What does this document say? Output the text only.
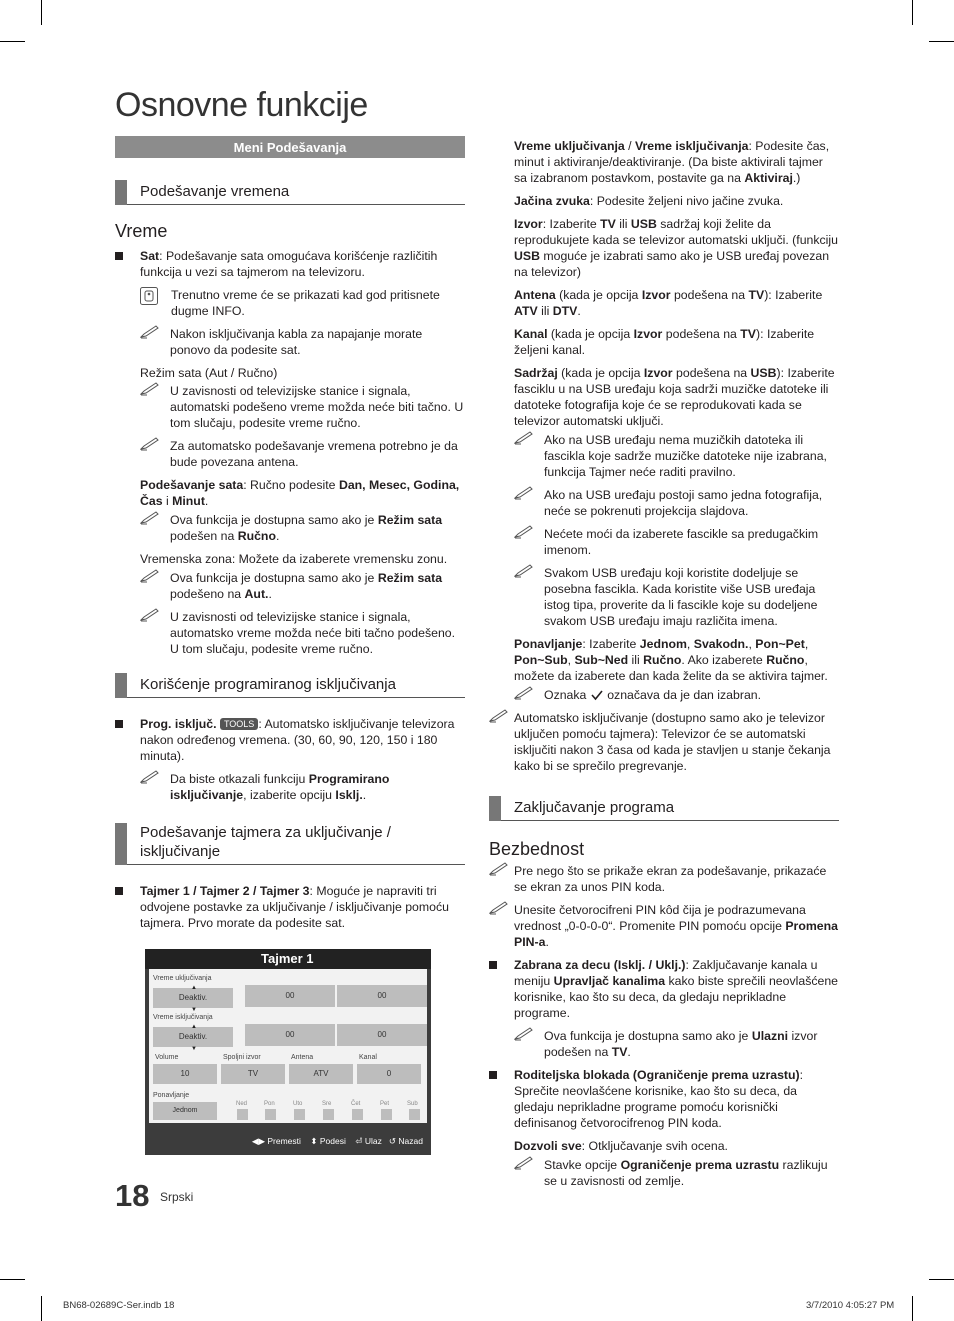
Osnovne funkcije
Meni Podešavanja
Podešavanje vremena
Vreme
Sat: Podešavanje sata omogućava korišćenje različitih funkcija u vezi sa tajmerom na televizoru.
Trenutno vreme će se prikazati kad god pritisnete dugme INFO.
Nakon isključivanja kabla za napajanje morate ponovo da podesite sat.
Režim sata (Aut / Ručno)
U zavisnosti od televizijske stanice i signala, automatski podešeno vreme možda neće biti tačno. U tom slučaju, podesite vreme ručno.
Za automatsko podešavanje vremena potrebno je da bude povezana antena.
Podešavanje sata: Ručno podesite Dan, Mesec, Godina, Čas i Minut.
Ova funkcija je dostupna samo ako je Režim sata podešen na Ručno.
Vremenska zona: Možete da izaberete vremensku zonu.
Ova funkcija je dostupna samo ako je Režim sata podešeno na Aut..
U zavisnosti od televizijske stanice i signala, automatsko vreme možda neće biti tačno podešeno. U tom slučaju, podesite vreme ručno.
Korišćenje programiranog isključivanja
Prog. isključ. TOOLS : Automatsko isključivanje televizora nakon određenog vremena. (30, 60, 90, 120, 150 i 180 minuta).
Da biste otkazali funkciju Programirano isključivanje, izaberite opciju Isklj..
Podešavanje tajmera za uključivanje / isključivanje
Tajmer 1 / Tajmer 2 / Tajmer 3: Moguće je napraviti tri odvojene postavke za uključivanje / isključivanje pomoću tajmera. Prvo morate da podesite sat.
Tajmer 1
Vreme uključivanja
Deaktiv.
▲
▼
00	00
Vreme isključivanja
Deaktiv.
▲
▼
00	00
Volume	Spoljni izvor	Antena	Kanal
10	TV	ATV	0
Ponavljanje
Jednom
Ned	Pon	Uto	Sre	Čet	Pet	Sub
◀▶ Premesti ⬍ Podesi ⏎ Ulaz ↺ Nazad
Vreme uključivanja / Vreme isključivanja: Podesite čas, minut i aktiviranje/deaktiviranje. (Da biste aktivirali tajmer sa izabranom postavkom, postavite ga na Aktiviraj.)
Jačina zvuka: Podesite željeni nivo jačine zvuka.
Izvor: Izaberite TV ili USB sadržaj koji želite da reprodukujete kada se televizor automatski uključi. (funkciju USB moguće je izabrati samo ako je USB uređaj povezan na televizor)
Antena (kada je opcija Izvor podešena na TV): Izaberite ATV ili DTV.
Kanal (kada je opcija Izvor podešena na TV): Izaberite željeni kanal.
Sadržaj (kada je opcija Izvor podešena na USB): Izaberite fasciklu u na USB uređaju koja sadrži muzičke datoteke ili datoteke fotografija koje će se reprodukovati kada se televizor automatski uključi.
Ako na USB uređaju nema muzičkih datoteka ili fascikla koje sadrže muzičke datoteke nije izabrana, funkcija Tajmer neće raditi pravilno.
Ako na USB uređaju postoji samo jedna fotografija, neće se pokrenuti projekcija slajdova.
Nećete moći da izaberete fascikle sa predugačkim imenom.
Svakom USB uređaju koji koristite dodeljuje se posebna fascikla. Kada koristite više USB uređaja istog tipa, proverite da li fascikle koje su dodeljene svakom USB uređaju imaju različita imena.
Ponavljanje: Izaberite Jednom, Svakodn., Pon~Pet, Pon~Sub, Sub~Ned ili Ručno. Ako izaberete Ručno, možete da izaberete dan kada želite da se aktivira tajmer.
Oznaka  označava da je dan izabran.
Automatsko isključivanje (dostupno samo ako je televizor uključen pomoću tajmera): Televizor će se automatski isključiti nakon 3 časa od kada je stavljen u stanje čekanja kako bi se sprečilo pregrevanje.
Zaključavanje programa
Bezbednost
Pre nego što se prikaže ekran za podešavanje, prikazaće se ekran za unos PIN koda.
Unesite četvorocifreni PIN kôd čija je podrazumevana vrednost „0-0-0-0“. Promenite PIN pomoću opcije Promena PIN-a.
Zabrana za decu (Isklj. / Uklj.): Zaključavanje kanala u meniju Upravljač kanalima kako biste sprečili neovlašćene korisnike, kao što su deca, da gledaju neprikladne programe.
Ova funkcija je dostupna samo ako je Ulazni izvor podešen na TV.
Roditeljska blokada (Ograničenje prema uzrastu): Sprečite neovlašćene korisnike, kao što su deca, da gledaju neprikladne programe pomoću korisnički definisanog četvorocifrenog PIN koda.
Dozvoli sve: Otključavanje svih ocena.
Stavke opcije Ograničenje prema uzrastu razlikuju se u zavisnosti od zemlje.
18 Srpski
BN68-02689C-Ser.indb 18	3/7/2010 4:05:27 PM
